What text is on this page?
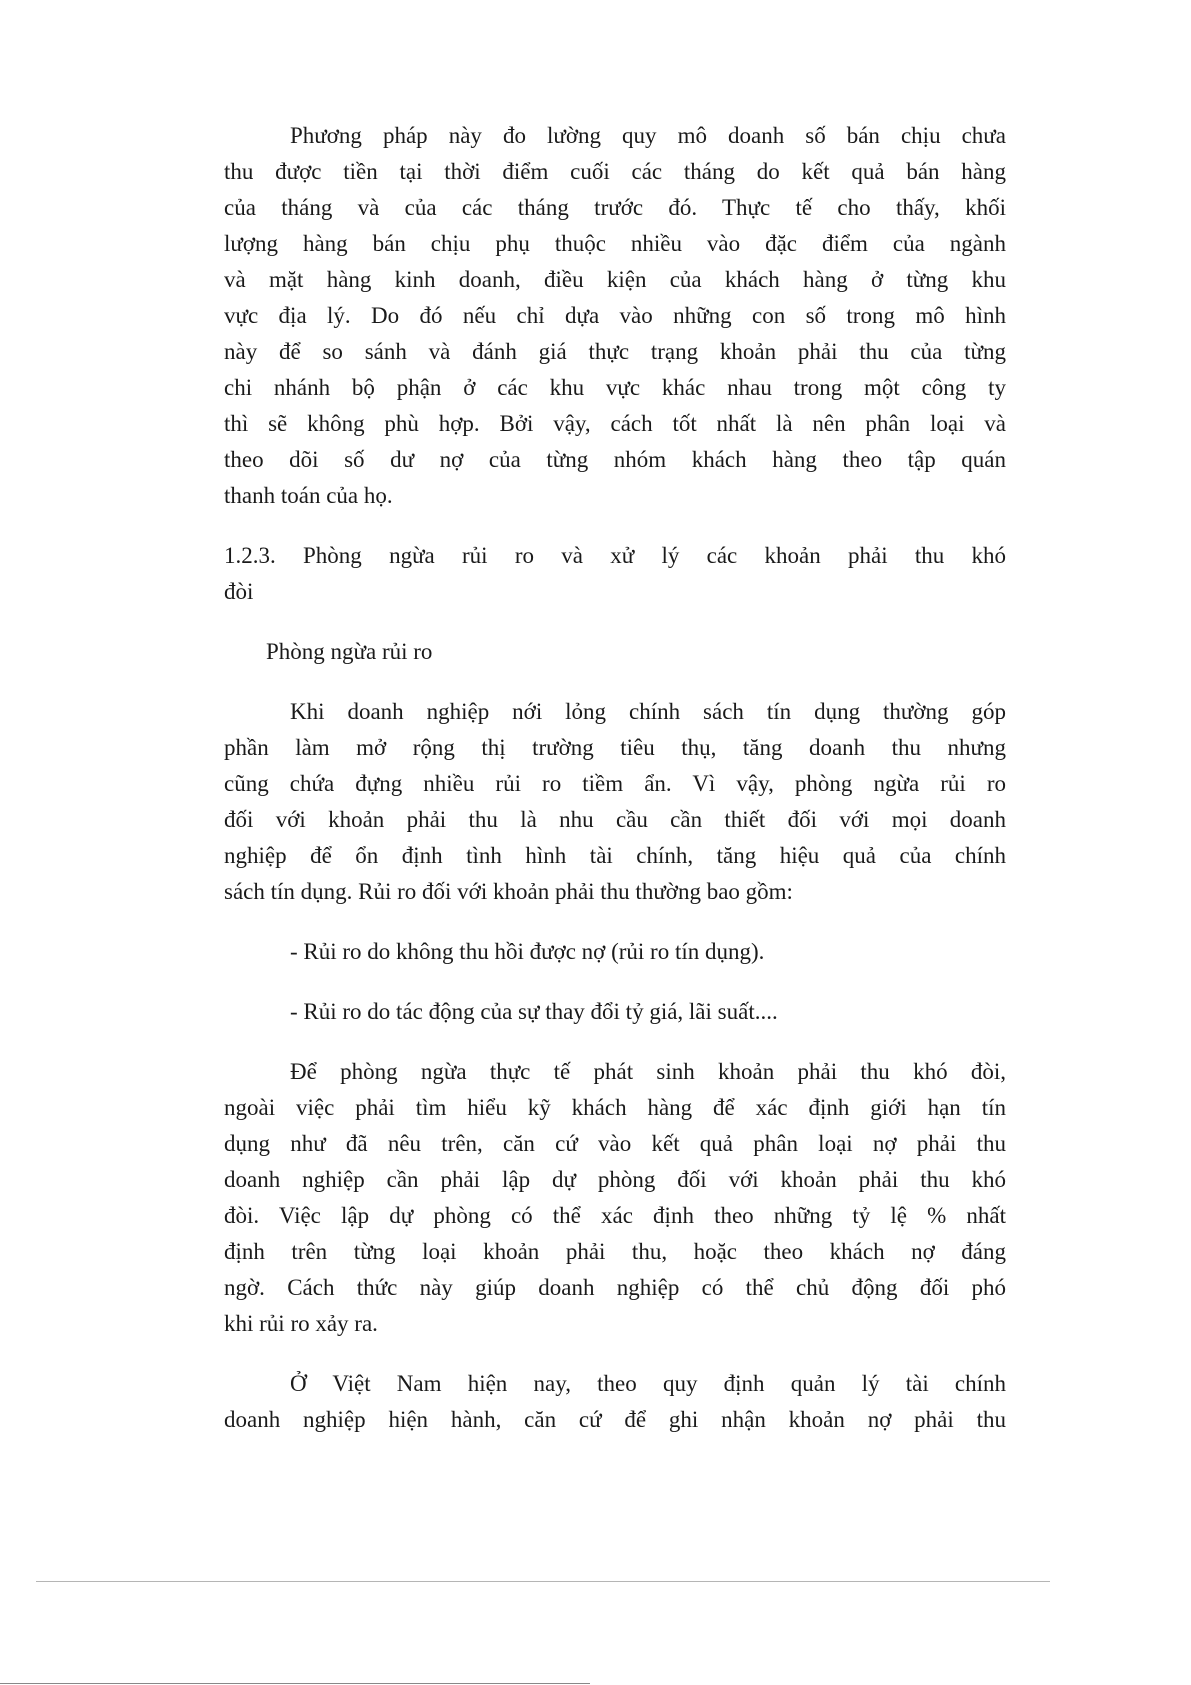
Phương pháp này đo lường quy mô doanh số bán chịu chưa
thu được tiền tại thời điểm cuối các tháng do kết quả bán hàng
của tháng và của các tháng trước đó. Thực tế cho thấy, khối
lượng hàng bán chịu phụ thuộc nhiều vào đặc điểm của ngành
và mặt hàng kinh doanh, điều kiện của khách hàng ở từng khu
vực địa lý. Do đó nếu chỉ dựa vào những con số trong mô hình
này để so sánh và đánh giá thực trạng khoản phải thu của từng
chi nhánh bộ phận ở các khu vực khác nhau trong một công ty
thì sẽ không phù hợp. Bởi vậy, cách tốt nhất là nên phân loại và
theo dõi số dư nợ của từng nhóm khách hàng theo tập quán
thanh toán của họ.
1.2.3. Phòng ngừa rủi ro và xử lý các khoản phải thu khó
đòi
Phòng ngừa rủi ro
Khi doanh nghiệp nới lỏng chính sách tín dụng thường góp
phần làm mở rộng thị trường tiêu thụ, tăng doanh thu nhưng
cũng chứa đựng nhiều rủi ro tiềm ẩn. Vì vậy, phòng ngừa rủi ro
đối với khoản phải thu là nhu cầu cần thiết đối với mọi doanh
nghiệp để ổn định tình hình tài chính, tăng hiệu quả của chính
sách tín dụng. Rủi ro đối với khoản phải thu thường bao gồm:
- Rủi ro do không thu hồi được nợ (rủi ro tín dụng).
- Rủi ro do tác động của sự thay đổi tỷ giá, lãi suất....
Để phòng ngừa thực tế phát sinh khoản phải thu khó đòi,
ngoài việc phải tìm hiểu kỹ khách hàng để xác định giới hạn tín
dụng như đã nêu trên, căn cứ vào kết quả phân loại nợ phải thu
doanh nghiệp cần phải lập dự phòng đối với khoản phải thu khó
đòi. Việc lập dự phòng có thể xác định theo những tỷ lệ % nhất
định trên từng loại khoản phải thu, hoặc theo khách nợ đáng
ngờ. Cách thức này giúp doanh nghiệp có thể chủ động đối phó
khi rủi ro xảy ra.
Ở Việt Nam hiện nay, theo quy định quản lý tài chính
doanh nghiệp hiện hành, căn cứ để ghi nhận khoản nợ phải thu
